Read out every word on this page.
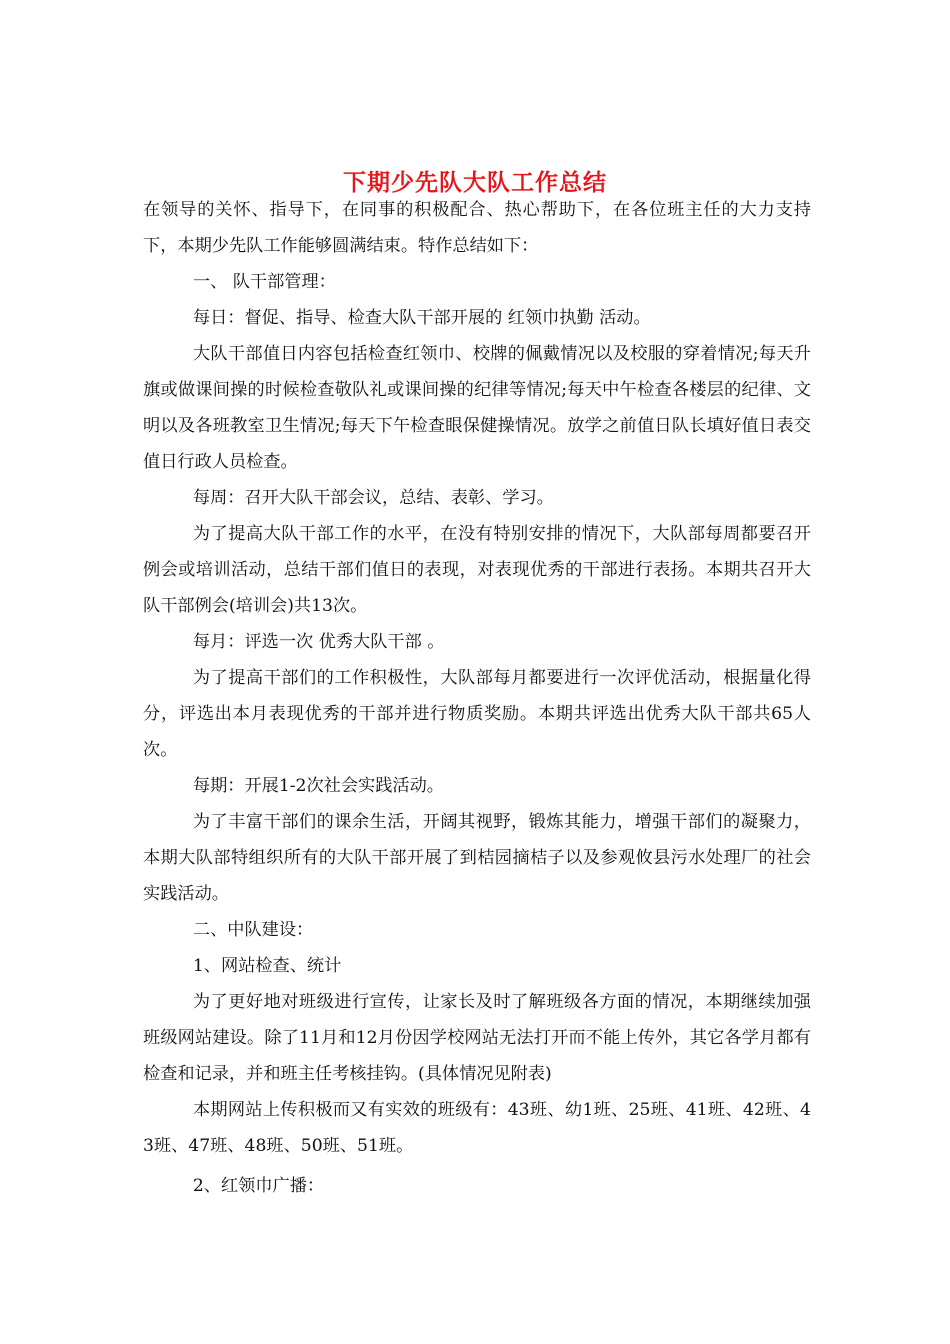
下期少先队大队工作总结

在领导的关怀、指导下，在同事的积极配合、热心帮助下，在各位班主任的大力支持下，本期少先队工作能够圆满结束。特作总结如下：

一、 队干部管理：

每日：督促、指导、检查大队干部开展的 红领巾执勤 活动。

大队干部值日内容包括检查红领巾、校牌的佩戴情况以及校服的穿着情况;每天升旗或做课间操的时候检查敬队礼或课间操的纪律等情况;每天中午检查各楼层的纪律、文明以及各班教室卫生情况;每天下午检查眼保健操情况。放学之前值日队长填好值日表交值日行政人员检查。

每周：召开大队干部会议，总结、表彰、学习。

为了提高大队干部工作的水平，在没有特别安排的情况下，大队部每周都要召开例会或培训活动，总结干部们值日的表现，对表现优秀的干部进行表扬。本期共召开大队干部例会(培训会)共13次。

每月：评选一次 优秀大队干部 。

为了提高干部们的工作积极性，大队部每月都要进行一次评优活动，根据量化得分，评选出本月表现优秀的干部并进行物质奖励。本期共评选出优秀大队干部共65人次。

每期：开展1-2次社会实践活动。

为了丰富干部们的课余生活，开阔其视野，锻炼其能力，增强干部们的凝聚力，本期大队部特组织所有的大队干部开展了到桔园摘桔子以及参观攸县污水处理厂的社会实践活动。

二、中队建设：

1、网站检查、统计

为了更好地对班级进行宣传，让家长及时了解班级各方面的情况，本期继续加强班级网站建设。除了11月和12月份因学校网站无法打开而不能上传外，其它各学月都有检查和记录，并和班主任考核挂钩。(具体情况见附表)

本期网站上传积极而又有实效的班级有：43班、幼1班、25班、41班、42班、43班、47班、48班、50班、51班。

2、红领巾广播：
